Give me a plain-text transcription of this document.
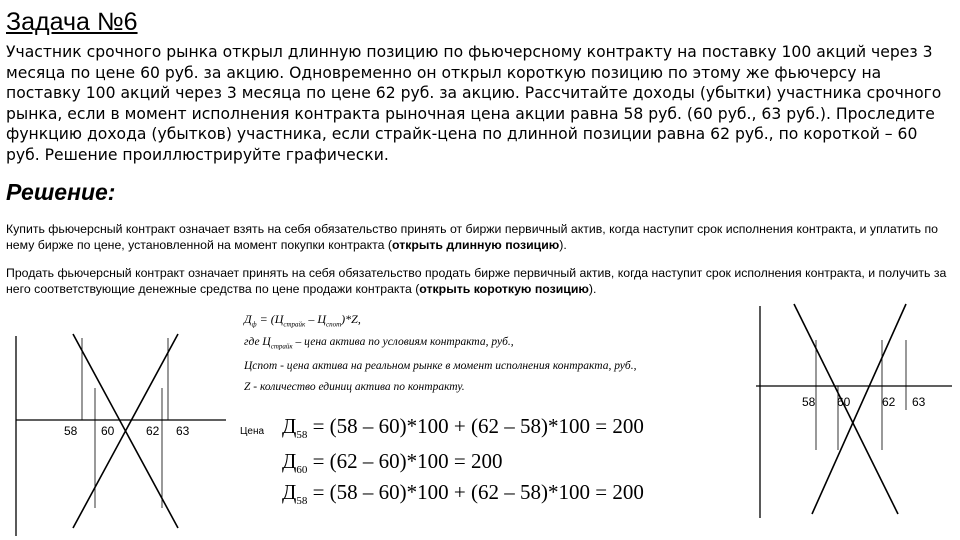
Задача №6

Участник срочного рынка открыл длинную позицию по фьючерсному контракту на поставку 100 акций через 3 месяца по цене 60 руб. за акцию. Одновременно он открыл короткую позицию по этому же фьючерсу на поставку 100 акций через 3 месяца по цене 62 руб. за акцию. Рассчитайте доходы (убытки) участника срочного рынка, если в момент исполнения контракта рыночная цена акции равна 58 руб. (60 руб., 63 руб.). Проследите функцию дохода (убытков) участника, если страйк-цена по длинной позиции равна 62 руб., по короткой – 60 руб. Решение проиллюстрируйте графически.

Решение:

Купить фьючерсный контракт означает взять на себя обязательство принять от биржи первичный актив, когда наступит срок исполнения контракта, и уплатить по нему бирже по цене, установленной на момент покупки контракта (открыть длинную позицию).

Продать фьючерсный контракт означает принять на себя обязательство продать бирже первичный актив, когда наступит срок исполнения контракта, и получить за него соответствующие денежные средства по цене продажи контракта (открыть короткую позицию).

58 60	62 63	Цена
58 60	62 63
$Д_ф = (Ц_{страйк} - Ц_{спот})*Z$,
где $Ц_{страйк}$ – цена актива по условиям контракта, руб.,
Цспот - цена актива на реальном рынке в момент исполнения контракта, руб.,
Z - количество единиц актива по контракту.
$Д_{58} = (58 - 60)*100 + (62 - 58)*100 = 200$
$Д_{60} = (62 - 60)*100 = 200$
$Д_{58} = (58 - 60)*100 + (62 - 58)*100 = 200$
